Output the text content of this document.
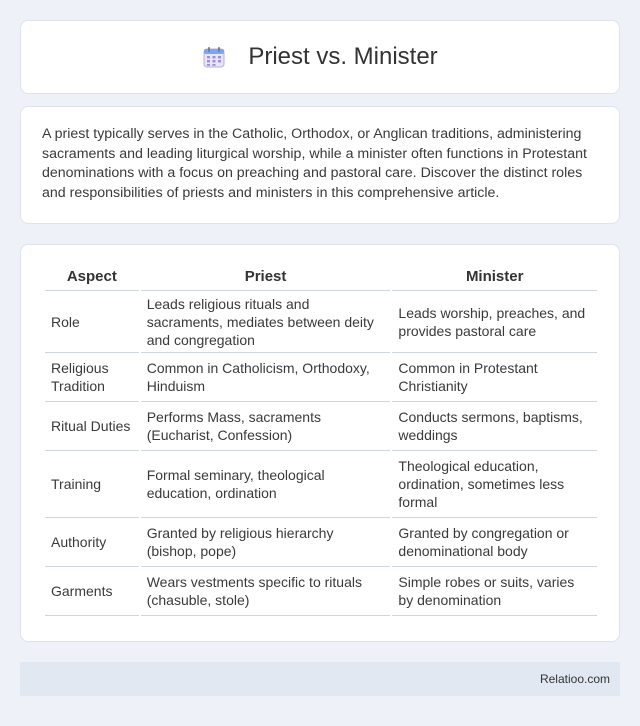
Priest vs. Minister

A priest typically serves in the Catholic, Orthodox, or Anglican traditions, administering sacraments and leading liturgical worship, while a minister often functions in Protestant denominations with a focus on preaching and pastoral care. Discover the distinct roles and responsibilities of priests and ministers in this comprehensive article.

Aspect	Priest	Minister
Role	Leads religious rituals and sacraments, mediates between deity and congregation	Leads worship, preaches, and provides pastoral care
Religious Tradition	Common in Catholicism, Orthodoxy, Hinduism	Common in Protestant Christianity
Ritual Duties	Performs Mass, sacraments (Eucharist, Confession)	Conducts sermons, baptisms, weddings
Training	Formal seminary, theological education, ordination	Theological education, ordination, sometimes less formal
Authority	Granted by religious hierarchy (bishop, pope)	Granted by congregation or denominational body
Garments	Wears vestments specific to rituals (chasuble, stole)	Simple robes or suits, varies by denomination
Relatioo.com
